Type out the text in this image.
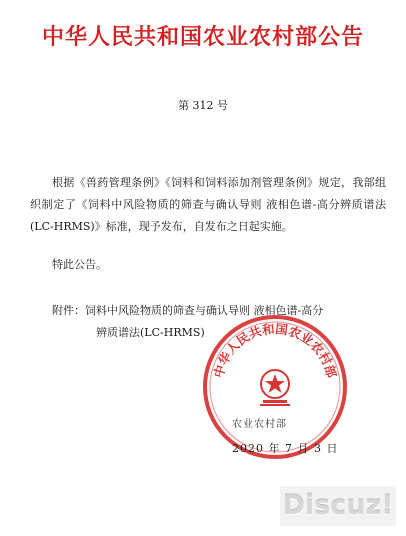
中华人民共和国农业农村部公告
第 312 号

根据《兽药管理条例》《饲料和饲料添加剂管理条例》规定，我部组织制定了《饲料中风险物质的筛查与确认导则 液相色谱-高分辨质谱法(LC-HRMS)》标准，现予发布，自发布之日起实施。

特此公告。

附件：饲料中风险物质的筛查与确认导则 液相色谱-高分
辨质谱法(LC-HRMS)

中华人民共和国农业农村部
农业农村部
2020 年 7 月 3 日
Discuz!
